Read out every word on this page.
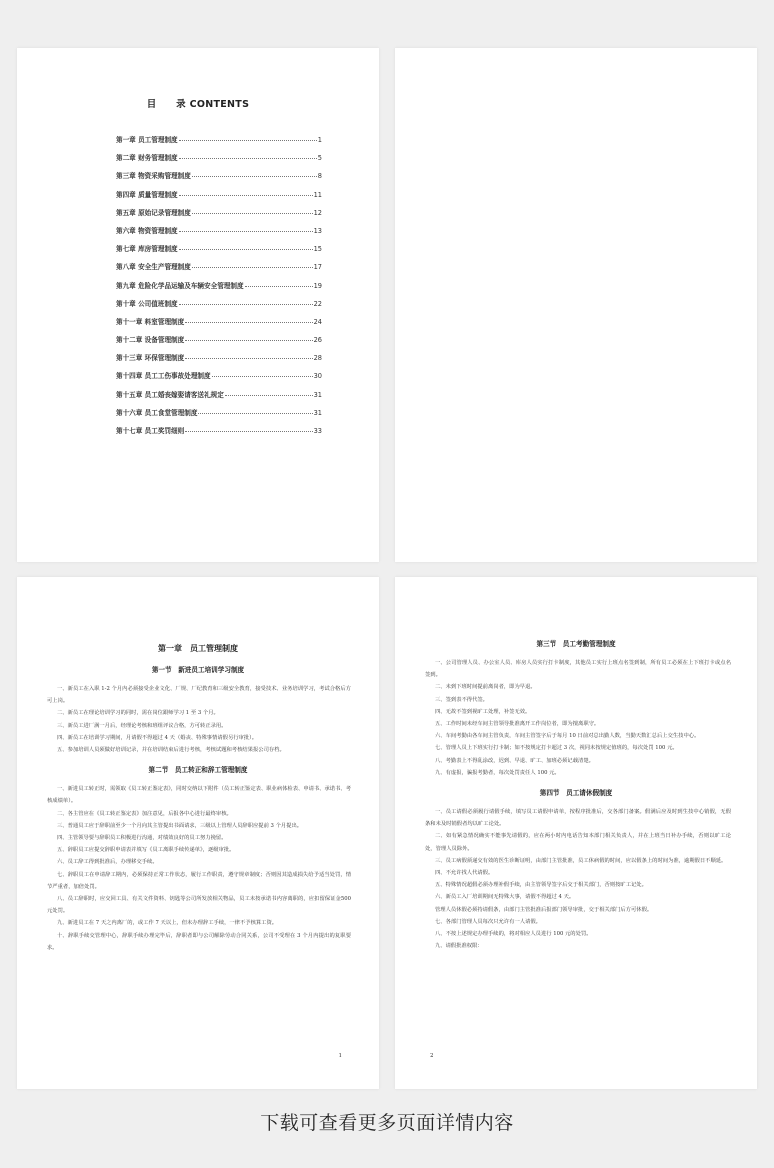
目　　录 CONTENTS
第一章 员工管理制度	1
第二章 财务管理制度	5
第三章 物资采购管理制度	8
第四章 质量管理制度	11
第五章 原始记录管理制度	12
第六章 物资管理制度	13
第七章 库房管理制度	15
第八章 安全生产管理制度	17
第九章 危险化学品运输及车辆安全管理制度	19
第十章 公司值班制度	22
第十一章 料室管理制度	24
第十二章 设备管理制度	26
第十三章 环保管理制度	28
第十四章 员工工伤事故处理制度	30
第十五章 员工婚丧嫁娶请客送礼规定	31
第十六章 员工食堂管理制度	31
第十七章 员工奖罚细则	33
第一章　员工管理制度
第一节　新进员工培训学习制度

一、新员工在入职 1-2 个月内必须接受企业文化、厂规、厂纪教育和三级安全教育，接受技术、业务培训学习，考试合格后方可上岗。

二、新员工在理论培训学习的同时，需在岗位跟师学习 1 至 3 个月。

三、新员工进厂满一月后，经理论考核和班组评议合格，方可转正录用。

四、新员工在培训学习期间，月请假不得超过 4 天（婚丧、特殊事情请假另行审批）。

五、参加培训人员须做好培训记录，并在培训结束后进行考核，考核试题和考核结果报公司存档。

第二节　员工转正和辞工管理制度

一、新进员工转正时，需领取《员工转正鉴定表》，同时交纳以下附件（员工转正鉴定表、职业病体检表、申请书、承诺书、考核成绩单）。

二、各主管应在《员工转正鉴定表》加注意见，后报各中心进行最终审核。

三、普通员工应于辞职前至少一个月向其主管提出书面请求，三级以上管理人员辞职应提前 3 个月提出。

四、主管领导要与辞职员工积极进行沟通，对绩效良好的员工努力挽留。

五、辞职员工应提交辞职申请表并填写《员工离职手续传递单》，逐级审批。

六、员工辞工得到批准后，办理移交手续。

七、辞职员工在申请辞工期内，必须保持正常工作状态，履行工作职责，遵守规章制度；否则因其造成损失给予适当处罚，情节严重者，加倍处罚。

八、员工辞职时，应交回工具、有关文件资料、钥匙等公司所发放相关物品，员工未按承诺书内容离职的，应扣留保证金500 元处罚。

九、新进员工在 7 天之内离厂的，或工作 7 天以上，但未办理辞工手续，一律不予核算工资。

十、辞职手续交管理中心，辞职手续办理完毕后，辞职者即与公司解除劳动合同关系，公司不受理在 3 个月内提出的复职要求。

1
第三节　员工考勤管理制度

一、公司管理人员、办公室人员、库房人员实行打卡制度，其他员工实行上班点名签到制，所有员工必须在上下班打卡或点名签到。

二、未到下班时间提前离岗者，即为早退。

三、签到表不得代签。

四、无故不签到视旷工处理，补签无效。

五、工作时间未经车间主管领导批准离开工作岗位者，即为擅离职守。

六、车间考勤由各车间主管负责，车间主管签字后于每月 10 日前对总出勤人数，当勤天数汇总后上交生技中心。

七、管理人员上下班实行打卡制；如不按规定打卡超过 3 次，视同未按规定值班的，每次处罚 100 元。

八、考勤表上不得乱涂改，迟到、早退、旷工、加班必须记载清楚。

九、有虚报，骗报考勤者，每次处罚责任人 100 元。

第四节　员工请休假制度

一、员工请假必须履行请假手续，填写员工请假申请单，按程序批准后，交各部门备案。假满后应及时到生技中心销假，无假条和未及时销假者均以旷工论处。

二、如有紧急情况确实不能事先请假的，应在两小时内电话告知本部门相关负责人，并在上班当日补办手续，否则以旷工论处，管理人员除外。

三、员工病假须递交有效的医生诊断证明，由部门主管批准，员工休病假的时间，应以假条上的时间为准，逾期假日不顺延。

四、不允许找人代请假。

五、特殊情况超假必须办理补假手续，由主管领导签字后交于相关部门，否则按旷工记处。

六、新员工入厂培训期间无特殊大事，请假不得超过 4 天。

管理人员休假必须持请假条，由部门主管批准后报部门领导审批，交于相关部门后方可休假。

七、各部门管理人员每次只允许有一人请假。

八、不按上述规定办理手续的，将对相应人员进行 100 元的处罚。

九、请假批准权限：

2
下载可查看更多页面详情内容
